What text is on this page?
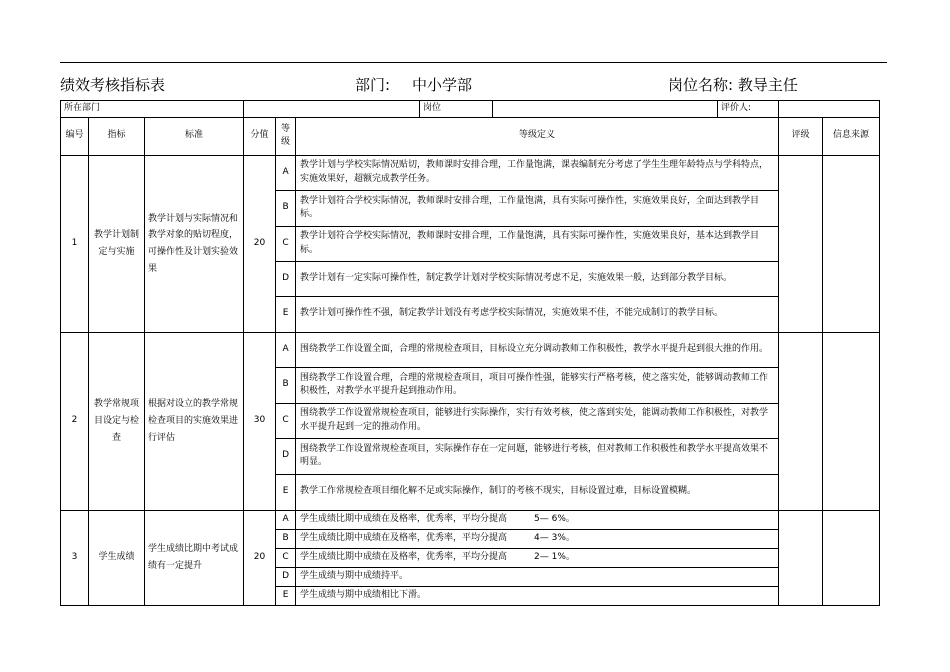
绩效考核指标表	部门: 中小学部	岗位名称: 教导主任
所在部门						岗位		评价人:		
编号	指标	标准	分值	等级	等级定义				评级	信息来源
1	教学计划制定与实施	教学计划与实际情况和教学对象的贴切程度，可操作性及计划实验效果	20	A	教学计划与学校实际情况贴切，教师课时安排合理，工作量饱满，课表编制充分考虑了学生生理年龄特点与学科特点，实施效果好，超额完成教学任务。					
				B	教学计划符合学校实际情况，教师课时安排合理，工作量饱满，具有实际可操作性，实施效果良好，全面达到教学目标。					
				C	教学计划符合学校实际情况，教师课时安排合理，工作量饱满，具有实际可操作性，实施效果良好，基本达到教学目标。					
				D	教学计划有一定实际可操作性，制定教学计划对学校实际情况考虑不足，实施效果一般，达到部分教学目标。					
				E	教学计划可操作性不强，制定教学计划没有考虑学校实际情况，实施效果不佳，不能完成制订的教学目标。					
2	教学常规项目设定与检查	根据对设立的教学常规检查项目的实施效果进行评估	30	A	围绕教学工作设置全面，合理的常规检查项目，目标设立充分调动教师工作积极性，教学水平提升起到很大推的作用。					
				B	围绕教学工作设置合理，合理的常规检查项目，项目可操作性强，能够实行严格考核，使之落实处，能够调动教师工作积极性，对教学水平提升起到推动作用。					
				C	围绕教学工作设置常规检查项目，能够进行实际操作，实行有效考核，使之落到实处，能调动教师工作积极性，对教学水平提升起到一定的推动作用。					
				D	围绕教学工作设置常规检查项目，实际操作存在一定问题，能够进行考核，但对教师工作积极性和教学水平提高效果不明显。					
				E	教学工作常规检查项目细化解不足或实际操作，制订的考核不现实，目标设置过难，目标设置模糊。					
3	学生成绩	学生成绩比期中考试成绩有一定提升	20	A	学生成绩比期中成绩在及格率，优秀率，平均分提高　　　5— 6%。					
				B	学生成绩比期中成绩在及格率，优秀率，平均分提高　　　4— 3%。					
				C	学生成绩比期中成绩在及格率，优秀率，平均分提高　　　2— 1%。					
				D	学生成绩与期中成绩持平。					
				E	学生成绩与期中成绩相比下滑。					
